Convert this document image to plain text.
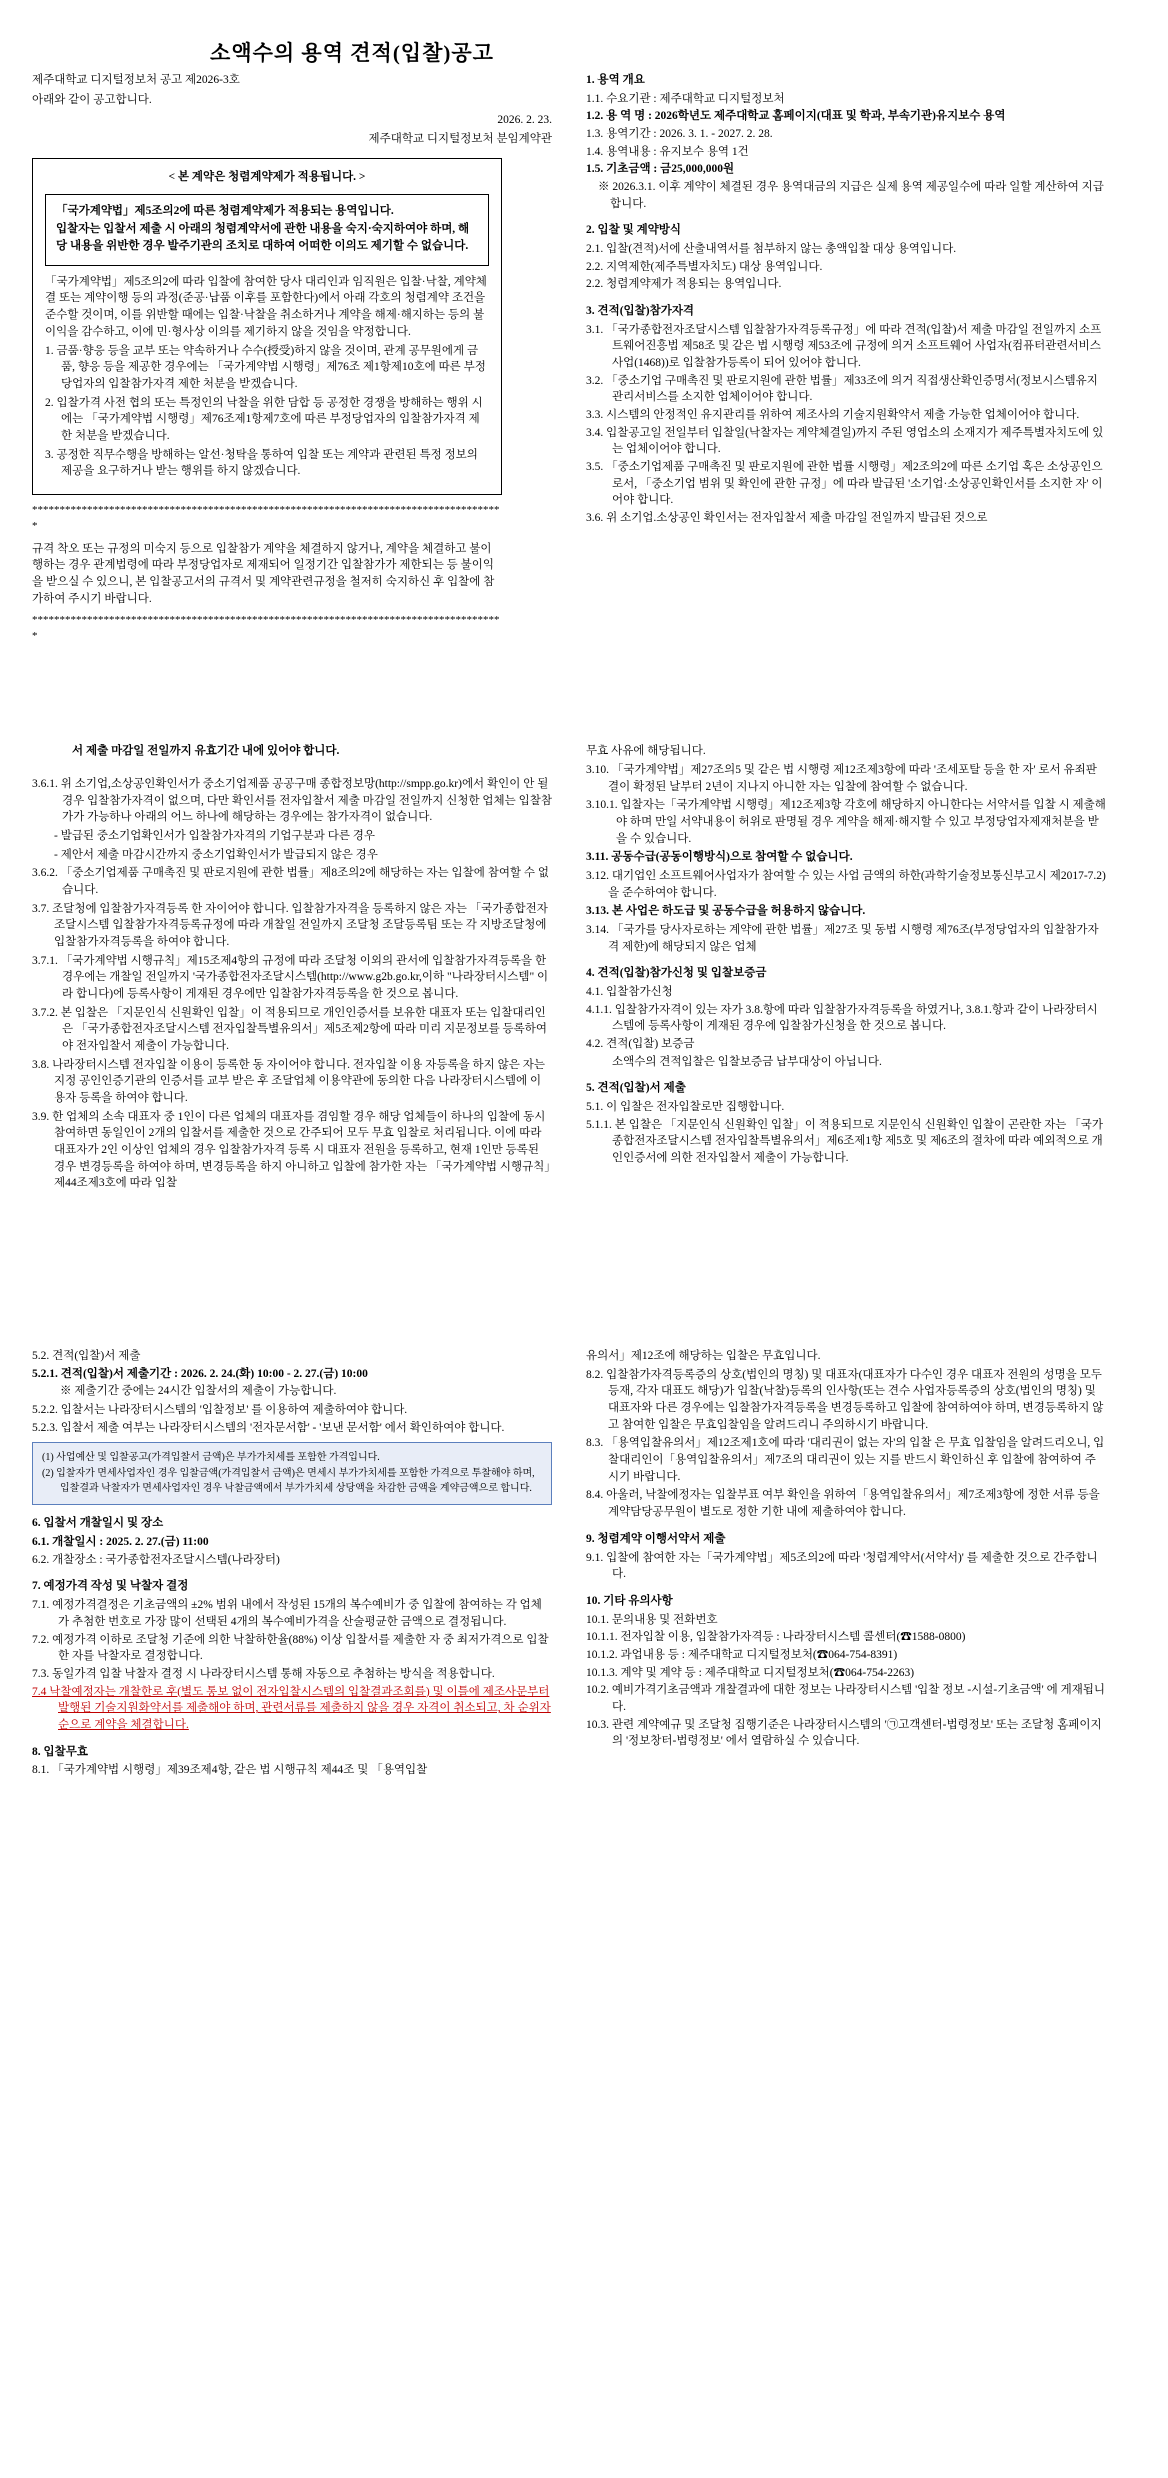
소액수의 용역 견적(입찰)공고

제주대학교 디지털정보처 공고 제2026-3호

아래와 같이 공고합니다.

2026. 2. 23.

제주대학교 디지털정보처 분임계약관

< 본 계약은 청렴계약제가 적용됩니다. >

「국가계약법」제5조의2에 따른 청렴계약제가 적용되는 용역입니다.

입찰자는 입찰서 제출 시 아래의 청렴계약서에 관한 내용을 숙지·숙지하여야 하며, 해당 내용을 위반한 경우 발주기관의 조치로 대하여 어떠한 이의도 제기할 수 없습니다.

「국가계약법」제5조의2에 따라 입찰에 참여한 당사 대리인과 임직원은 입찰·낙찰, 계약체결 또는 계약이행 등의 과정(준공·납품 이후를 포함한다)에서 아래 각호의 청렴계약 조건을 준수할 것이며, 이를 위반할 때에는 입찰·낙찰을 취소하거나 계약을 해제·해지하는 등의 불이익을 감수하고, 이에 민·형사상 이의를 제기하지 않을 것임을 약정합니다.

1. 금품·향응 등을 교부 또는 약속하거나 수수(授受)하지 않을 것이며, 관계 공무원에게 금품, 향응 등을 제공한 경우에는 「국가계약법 시행령」제76조 제1항제10호에 따른 부정당업자의 입찰참가자격 제한 처분을 받겠습니다.

2. 입찰가격 사전 협의 또는 특정인의 낙찰을 위한 담합 등 공정한 경쟁을 방해하는 행위 시에는 「국가계약법 시행령」제76조제1항제7호에 따른 부정당업자의 입찰참가자격 제한 처분을 받겠습니다.

3. 공정한 직무수행을 방해하는 알선·청탁을 통하여 입찰 또는 계약과 관련된 특정 정보의 제공을 요구하거나 받는 행위를 하지 않겠습니다.

**************************************************************************************

규격 착오 또는 규정의 미숙지 등으로 입찰참가 계약을 체결하지 않거나, 계약을 체결하고 불이행하는 경우 관계법령에 따라 부정당업자로 제재되어 일정기간 입찰참가가 제한되는 등 불이익을 받으실 수 있으니, 본 입찰공고서의 규격서 및 계약관련규정을 철저히 숙지하신 후 입찰에 참가하여 주시기 바랍니다.

**************************************************************************************

1. 용역 개요

1.1. 수요기관 : 제주대학교 디지털정보처

1.2. 용 역 명 : 2026학년도 제주대학교 홈페이지(대표 및 학과, 부속기관)유지보수 용역

1.3. 용역기간 : 2026. 3. 1. - 2027. 2. 28.

1.4. 용역내용 : 유지보수 용역 1건

1.5. 기초금액 : 금25,000,000원

※ 2026.3.1. 이후 계약이 체결된 경우 용역대금의 지급은 실제 용역 제공일수에 따라 일할 계산하여 지급합니다.

2. 입찰 및 계약방식

2.1. 입찰(견적)서에 산출내역서를 첨부하지 않는 총액입찰 대상 용역입니다.

2.2. 지역제한(제주특별자치도) 대상 용역입니다.

2.2. 청렴계약제가 적용되는 용역입니다.

3. 견적(입찰)참가자격

3.1. 「국가종합전자조달시스템 입찰참가자격등록규정」에 따라 견적(입찰)서 제출 마감일 전일까지 소프트웨어진흥법 제58조 및 같은 법 시행령 제53조에 규정에 의거 소프트웨어 사업자(컴퓨터관련서비스사업(1468))로 입찰참가등록이 되어 있어야 합니다.

3.2. 「중소기업 구매촉진 및 판로지원에 관한 법률」제33조에 의거 직접생산확인증명서(정보시스템유지관리서비스를 소지한 업체이어야 합니다.

3.3. 시스템의 안정적인 유지관리를 위하여 제조사의 기술지원확약서 제출 가능한 업체이어야 합니다.

3.4. 입찰공고일 전일부터 입찰일(낙찰자는 계약체결일)까지 주된 영업소의 소재지가 제주특별자치도에 있는 업체이어야 합니다.

3.5. 「중소기업제품 구매촉진 및 판로지원에 관한 법률 시행령」제2조의2에 따른 소기업 혹은 소상공인으로서, 「중소기업 범위 및 확인에 관한 규정」에 따라 발급된 '소기업·소상공인확인서를 소지한 자' 이어야 합니다.

3.6. 위 소기업.소상공인 확인서는 전자입찰서 제출 마감일 전일까지 발급된 것으로

서 제출 마감일 전일까지 유효기간 내에 있어야 합니다.

3.6.1. 위 소기업,소상공인확인서가 중소기업제품 공공구매 종합정보망(http://smpp.go.kr)에서 확인이 안 될 경우 입찰참가자격이 없으며, 다만 확인서를 전자입찰서 제출 마감일 전일까지 신청한 업체는 입찰참가가 가능하나 아래의 어느 하나에 해당하는 경우에는 참가자격이 없습니다.

- 발급된 중소기업확인서가 입찰참가자격의 기업구분과 다른 경우

- 제안서 제출 마감시간까지 중소기업확인서가 발급되지 않은 경우

3.6.2. 「중소기업제품 구매촉진 및 판로지원에 관한 법률」제8조의2에 해당하는 자는 입찰에 참여할 수 없습니다.

3.7. 조달청에 입찰참가자격등록 한 자이어야 합니다. 입찰참가자격을 등록하지 않은 자는 「국가종합전자조달시스템 입찰참가자격등록규정에 따라 개찰일 전일까지 조달청 조달등록팀 또는 각 지방조달청에 입찰참가자격등록을 하여야 합니다.

3.7.1. 「국가계약법 시행규칙」제15조제4항의 규정에 따라 조달청 이외의 관서에 입찰참가자격등록을 한 경우에는 개찰일 전일까지 '국가종합전자조달시스템(http://www.g2b.go.kr,이하 "나라장터시스템" 이라 합니다)에 등록사항이 게재된 경우에만 입찰참가자격등록을 한 것으로 봅니다.

3.7.2. 본 입찰은 「지문인식 신원확인 입찰」이 적용되므로 개인인증서를 보유한 대표자 또는 입찰대리인은 「국가종합전자조달시스템 전자입찰특별유의서」제5조제2항에 따라 미리 지문정보를 등록하여야 전자입찰서 제출이 가능합니다.

3.8. 나라장터시스템 전자입찰 이용이 등록한 동 자이어야 합니다. 전자입찰 이용 자등록을 하지 않은 자는 지정 공인인증기관의 인증서를 교부 받은 후 조달업체 이용약관에 동의한 다음 나라장터시스템에 이용자 등록을 하여야 합니다.

3.9. 한 업체의 소속 대표자 중 1인이 다른 업체의 대표자를 겸임할 경우 해당 업체들이 하나의 입찰에 동시 참여하면 동일인이 2개의 입찰서를 제출한 것으로 간주되어 모두 무효 입찰로 처리됩니다. 이에 따라 대표자가 2인 이상인 업체의 경우 입찰참가자격 등록 시 대표자 전원을 등록하고, 현재 1인만 등록된 경우 변경등록을 하여야 하며, 변경등록을 하지 아니하고 입찰에 참가한 자는 「국가계약법 시행규칙」제44조제3호에 따라 입찰

무효 사유에 해당됩니다.

3.10. 「국가계약법」제27조의5 및 같은 법 시행령 제12조제3항에 따라 '조세포탈 등을 한 자' 로서 유죄판결이 확정된 날부터 2년이 지나지 아니한 자는 입찰에 참여할 수 없습니다.

3.10.1. 입찰자는「국가계약법 시행령」제12조제3항 각호에 해당하지 아니한다는 서약서를 입찰 시 제출해야 하며 만일 서약내용이 허위로 판명될 경우 계약을 해제·해지할 수 있고 부정당업자제재처분을 받을 수 있습니다.

3.11. 공동수급(공동이행방식)으로 참여할 수 없습니다.

3.12. 대기업인 소프트웨어사업자가 참여할 수 있는 사업 금액의 하한(과학기술정보통신부고시 제2017-7.2)을 준수하여야 합니다.

3.13. 본 사업은 하도급 및 공동수급을 허용하지 않습니다.

3.14. 「국가를 당사자로하는 계약에 관한 법률」제27조 및 동법 시행령 제76조(부정당업자의 입찰참가자격 제한)에 해당되지 않은 업체

4. 견적(입찰)참가신청 및 입찰보증금

4.1. 입찰참가신청

4.1.1. 입찰참가자격이 있는 자가 3.8.항에 따라 입찰참가자격등록을 하였거나, 3.8.1.항과 같이 나라장터시스템에 등록사항이 게재된 경우에 입찰참가신청을 한 것으로 봅니다.

4.2. 견적(입찰) 보증금

소액수의 견적입찰은 입찰보증금 납부대상이 아닙니다.

5. 견적(입찰)서 제출

5.1. 이 입찰은 전자입찰로만 집행합니다.

5.1.1. 본 입찰은 「지문인식 신원확인 입찰」이 적용되므로 지문인식 신원확인 입찰이 곤란한 자는 「국가종합전자조달시스템 전자입찰특별유의서」제6조제1항 제5호 및 제6조의 절차에 따라 예외적으로 개인인증서에 의한 전자입찰서 제출이 가능합니다.

5.2. 견적(입찰)서 제출

5.2.1. 견적(입찰)서 제출기간 : 2026. 2. 24.(화) 10:00 - 2. 27.(금) 10:00

※ 제출기간 중에는 24시간 입찰서의 제출이 가능합니다.

5.2.2. 입찰서는 나라장터시스템의 '입찰정보' 를 이용하여 제출하여야 합니다.

5.2.3. 입찰서 제출 여부는 나라장터시스템의 '전자문서함' - '보낸 문서함' 에서 확인하여야 합니다.

(1) 사업예산 및 입찰공고(가격입찰서 금액)은 부가가치세를 포함한 가격입니다.

(2) 입찰자가 면세사업자인 경우 입찰금액(가격입찰서 금액)은 면세시 부가가치세를 포함한 가격으로 투찰해야 하며, 입찰결과 낙찰자가 면세사업자인 경우 낙찰금액에서 부가가치세 상당액을 차감한 금액을 계약금액으로 합니다.

6. 입찰서 개찰일시 및 장소

6.1. 개찰일시 : 2025. 2. 27.(금) 11:00

6.2. 개찰장소 : 국가종합전자조달시스템(나라장터)

7. 예정가격 작성 및 낙찰자 결정

7.1. 예정가격결정은 기초금액의 ±2% 범위 내에서 작성된 15개의 복수예비가 중 입찰에 참여하는 각 업체가 추첨한 번호로 가장 많이 선택된 4개의 복수예비가격을 산술평균한 금액으로 결정됩니다.

7.2. 예정가격 이하로 조달청 기준에 의한 낙찰하한율(88%) 이상 입찰서를 제출한 자 중 최저가격으로 입찰한 자를 낙찰자로 결정합니다.

7.3. 동일가격 입찰 낙찰자 결정 시 나라장터시스템 통해 자동으로 추첨하는 방식을 적용합니다.

7.4 낙찰예정자는 개찰한로 후(별도 통보 없이 전자입찰시스템의 입찰결과조회를) 및 이틀에 제조사문부터 발행된 기술지원화약서를 제출해야 하며, 관련서류를 제출하지 않을 경우 자격이 취소되고, 차 순위자 순으로 계약을 체결합니다.

8. 입찰무효

8.1. 「국가계약법 시행령」제39조제4항, 같은 법 시행규칙 제44조 및 「용역입찰

유의서」제12조에 해당하는 입찰은 무효입니다.

8.2. 입찰참가자격등록증의 상호(법인의 명칭) 및 대표자(대표자가 다수인 경우 대표자 전원의 성명을 모두 등재, 각자 대표도 해당)가 입찰(낙찰)등록의 인사항(또는 견수 사업자등록증의 상호(법인의 명칭) 및 대표자와 다른 경우에는 입찰참가자격등록을 변경등록하고 입찰에 참여하여야 하며, 변경등록하지 않고 참여한 입찰은 무효입찰임을 알려드리니 주의하시기 바랍니다.

8.3. 「용역입찰유의서」제12조제1호에 따라 '대리권이 없는 자'의 입찰 은 무효 입찰임을 알려드리오니, 입찰대리인이「용역입찰유의서」제7조의 대리권이 있는 지를 반드시 확인하신 후 입찰에 참여하여 주시기 바랍니다.

8.4. 아울러, 낙찰에정자는 입찰부표 여부 확인을 위하여「용역입찰유의서」제7조제3항에 정한 서류 등을 계약담당공무원이 별도로 정한 기한 내에 제출하여야 합니다.

9. 청렴계약 이행서약서 제출

9.1. 입찰에 참여한 자는「국가계약법」제5조의2에 따라 '청렴계약서(서약서)' 를 제출한 것으로 간주합니다.

10. 기타 유의사항

10.1. 문의내용 및 전화번호

10.1.1. 전자입찰 이용, 입찰참가자격등 : 나라장터시스템 콜센터(☎1588-0800)

10.1.2. 과업내용 등 : 제주대학교 디지털정보처(☎064-754-8391)

10.1.3. 계약 및 계약 등 : 제주대학교 디지털정보처(☎064-754-2263)

10.2. 예비가격기초금액과 개찰결과에 대한 정보는 나라장터시스템 '입찰 정보 -시설-기초금액' 에 게재됩니다.

10.3. 관련 계약예규 및 조달청 집행기준은 나라장터시스템의 '㉠고객센터-법령정보' 또는 조달청 홈페이지의 '정보창터-법령정보' 에서 열람하실 수 있습니다.
